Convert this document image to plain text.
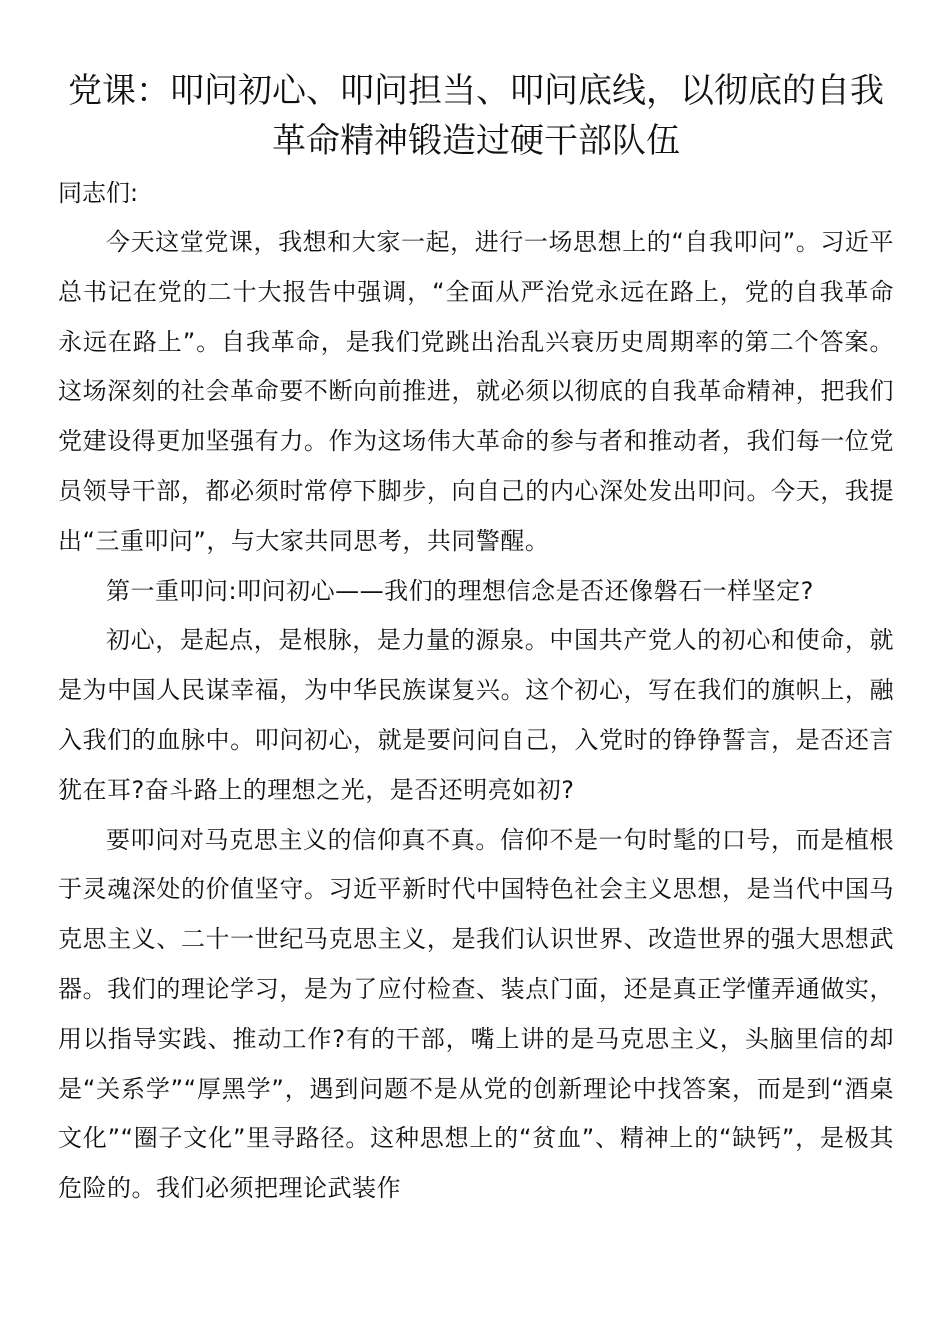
党课：叩问初心、叩问担当、叩问底线，以彻底的自我革命精神锻造过硬干部队伍

同志们:

今天这堂党课，我想和大家一起，进行一场思想上的“自我叩问”。习近平总书记在党的二十大报告中强调，“全面从严治党永远在路上，党的自我革命永远在路上”。自我革命，是我们党跳出治乱兴衰历史周期率的第二个答案。这场深刻的社会革命要不断向前推进，就必须以彻底的自我革命精神，把我们党建设得更加坚强有力。作为这场伟大革命的参与者和推动者，我们每一位党员领导干部，都必须时常停下脚步，向自己的内心深处发出叩问。今天，我提出“三重叩问”，与大家共同思考，共同警醒。

第一重叩问:叩问初心——我们的理想信念是否还像磐石一样坚定?

初心，是起点，是根脉，是力量的源泉。中国共产党人的初心和使命，就是为中国人民谋幸福，为中华民族谋复兴。这个初心，写在我们的旗帜上，融入我们的血脉中。叩问初心，就是要问问自己，入党时的铮铮誓言，是否还言犹在耳?奋斗路上的理想之光，是否还明亮如初?

要叩问对马克思主义的信仰真不真。信仰不是一句时髦的口号，而是植根于灵魂深处的价值坚守。习近平新时代中国特色社会主义思想，是当代中国马克思主义、二十一世纪马克思主义，是我们认识世界、改造世界的强大思想武器。我们的理论学习，是为了应付检查、装点门面，还是真正学懂弄通做实，用以指导实践、推动工作?有的干部，嘴上讲的是马克思主义，头脑里信的却是“关系学”“厚黑学”，遇到问题不是从党的创新理论中找答案，而是到“酒桌文化”“圈子文化”里寻路径。这种思想上的“贫血”、精神上的“缺钙”，是极其危险的。我们必须把理论武装作
